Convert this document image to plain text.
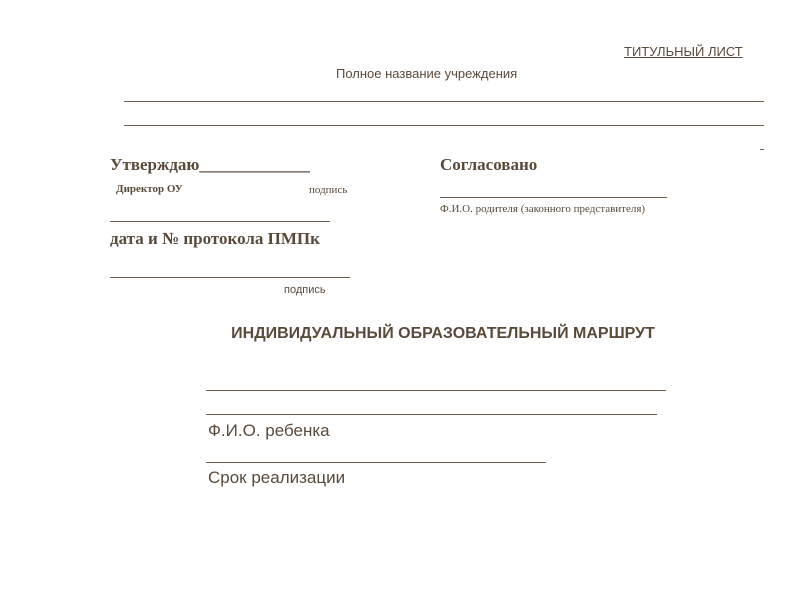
ТИТУЛЬНЫЙ ЛИСТ
Полное название учреждения
Утверждаю_____________
Директор ОУ	подпись
дата и № протокола ПМПк
подпись
Согласовано
Ф.И.О. родителя (законного представителя)
ИНДИВИДУАЛЬНЫЙ ОБРАЗОВАТЕЛЬНЫЙ МАРШРУТ
Ф.И.О. ребенка
Срок реализации
